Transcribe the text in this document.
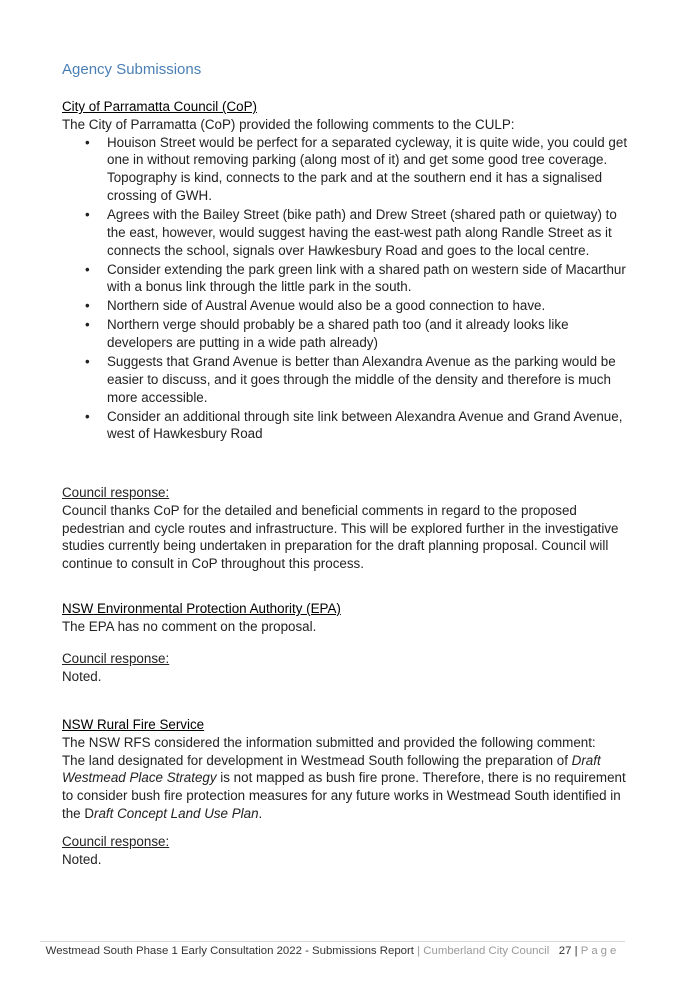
Agency Submissions

City of Parramatta Council (CoP)

The City of Parramatta (CoP) provided the following comments to the CULP:

• Houison Street would be perfect for a separated cycleway, it is quite wide, you could get one in without removing parking (along most of it) and get some good tree coverage. Topography is kind, connects to the park and at the southern end it has a signalised crossing of GWH.
• Agrees with the Bailey Street (bike path) and Drew Street (shared path or quietway) to the east, however, would suggest having the east-west path along Randle Street as it connects the school, signals over Hawkesbury Road and goes to the local centre.
• Consider extending the park green link with a shared path on western side of Macarthur with a bonus link through the little park in the south.
• Northern side of Austral Avenue would also be a good connection to have.
• Northern verge should probably be a shared path too (and it already looks like developers are putting in a wide path already)
• Suggests that Grand Avenue is better than Alexandra Avenue as the parking would be easier to discuss, and it goes through the middle of the density and therefore is much more accessible.
• Consider an additional through site link between Alexandra Avenue and Grand Avenue, west of Hawkesbury Road

Council response:

Council thanks CoP for the detailed and beneficial comments in regard to the proposed pedestrian and cycle routes and infrastructure. This will be explored further in the investigative studies currently being undertaken in preparation for the draft planning proposal. Council will continue to consult in CoP throughout this process.

NSW Environmental Protection Authority (EPA)

The EPA has no comment on the proposal.

Council response:

Noted.

NSW Rural Fire Service

The NSW RFS considered the information submitted and provided the following comment:

The land designated for development in Westmead South following the preparation of Draft Westmead Place Strategy is not mapped as bush fire prone. Therefore, there is no requirement to consider bush fire protection measures for any future works in Westmead South identified in the Draft Concept Land Use Plan.

Council response:

Noted.

Westmead South Phase 1 Early Consultation 2022 - Submissions Report | Cumberland City Council 27 | Page
